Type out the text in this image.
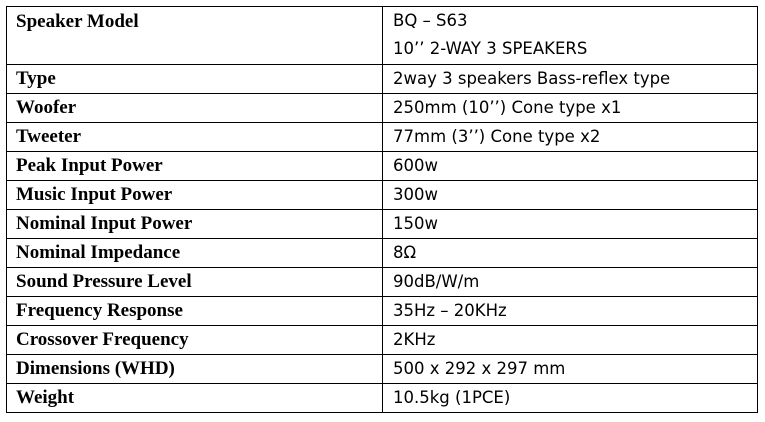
Speaker Model	BQ – S63
10’’ 2-WAY 3 SPEAKERS

Type	2way 3 speakers Bass-reflex type
Woofer	250mm (10’’) Cone type x1
Tweeter	77mm (3’’) Cone type x2
Peak Input Power	600w
Music Input Power	300w
Nominal Input Power	150w
Nominal Impedance	8Ω
Sound Pressure Level	90dB/W/m
Frequency Response	35Hz – 20KHz
Crossover Frequency	2KHz
Dimensions (WHD)	500 x 292 x 297 mm
Weight	10.5kg (1PCE)
